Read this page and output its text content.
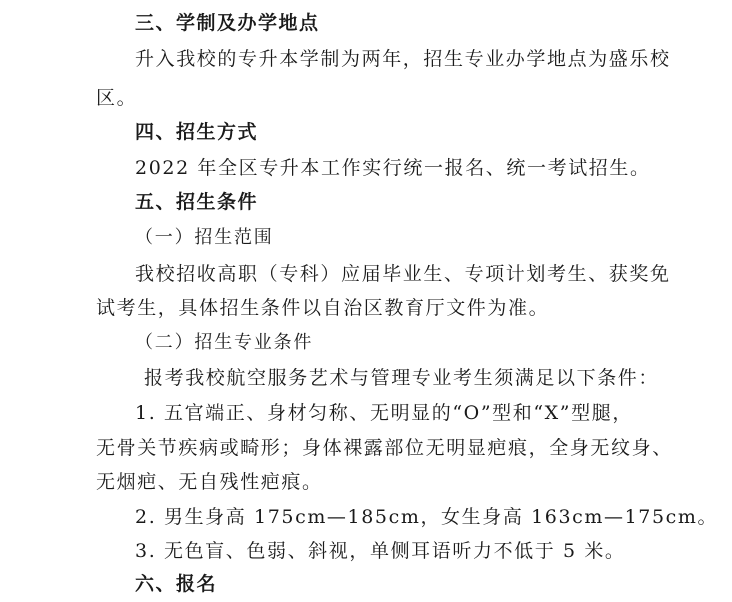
三、学制及办学地点
升入我校的专升本学制为两年，招生专业办学地点为盛乐校
区。
四、招生方式
2022 年全区专升本工作实行统一报名、统一考试招生。
五、招生条件
（一）招生范围
我校招收高职（专科）应届毕业生、专项计划考生、获奖免
试考生，具体招生条件以自治区教育厅文件为准。
（二）招生专业条件
报考我校航空服务艺术与管理专业考生须满足以下条件：
1. 五官端正、身材匀称、无明显的“O”型和“X”型腿，
无骨关节疾病或畸形；身体裸露部位无明显疤痕，全身无纹身、
无烟疤、无自残性疤痕。
2. 男生身高 175cm—185cm，女生身高 163cm—175cm。
3. 无色盲、色弱、斜视，单侧耳语听力不低于 5 米。
六、报名
